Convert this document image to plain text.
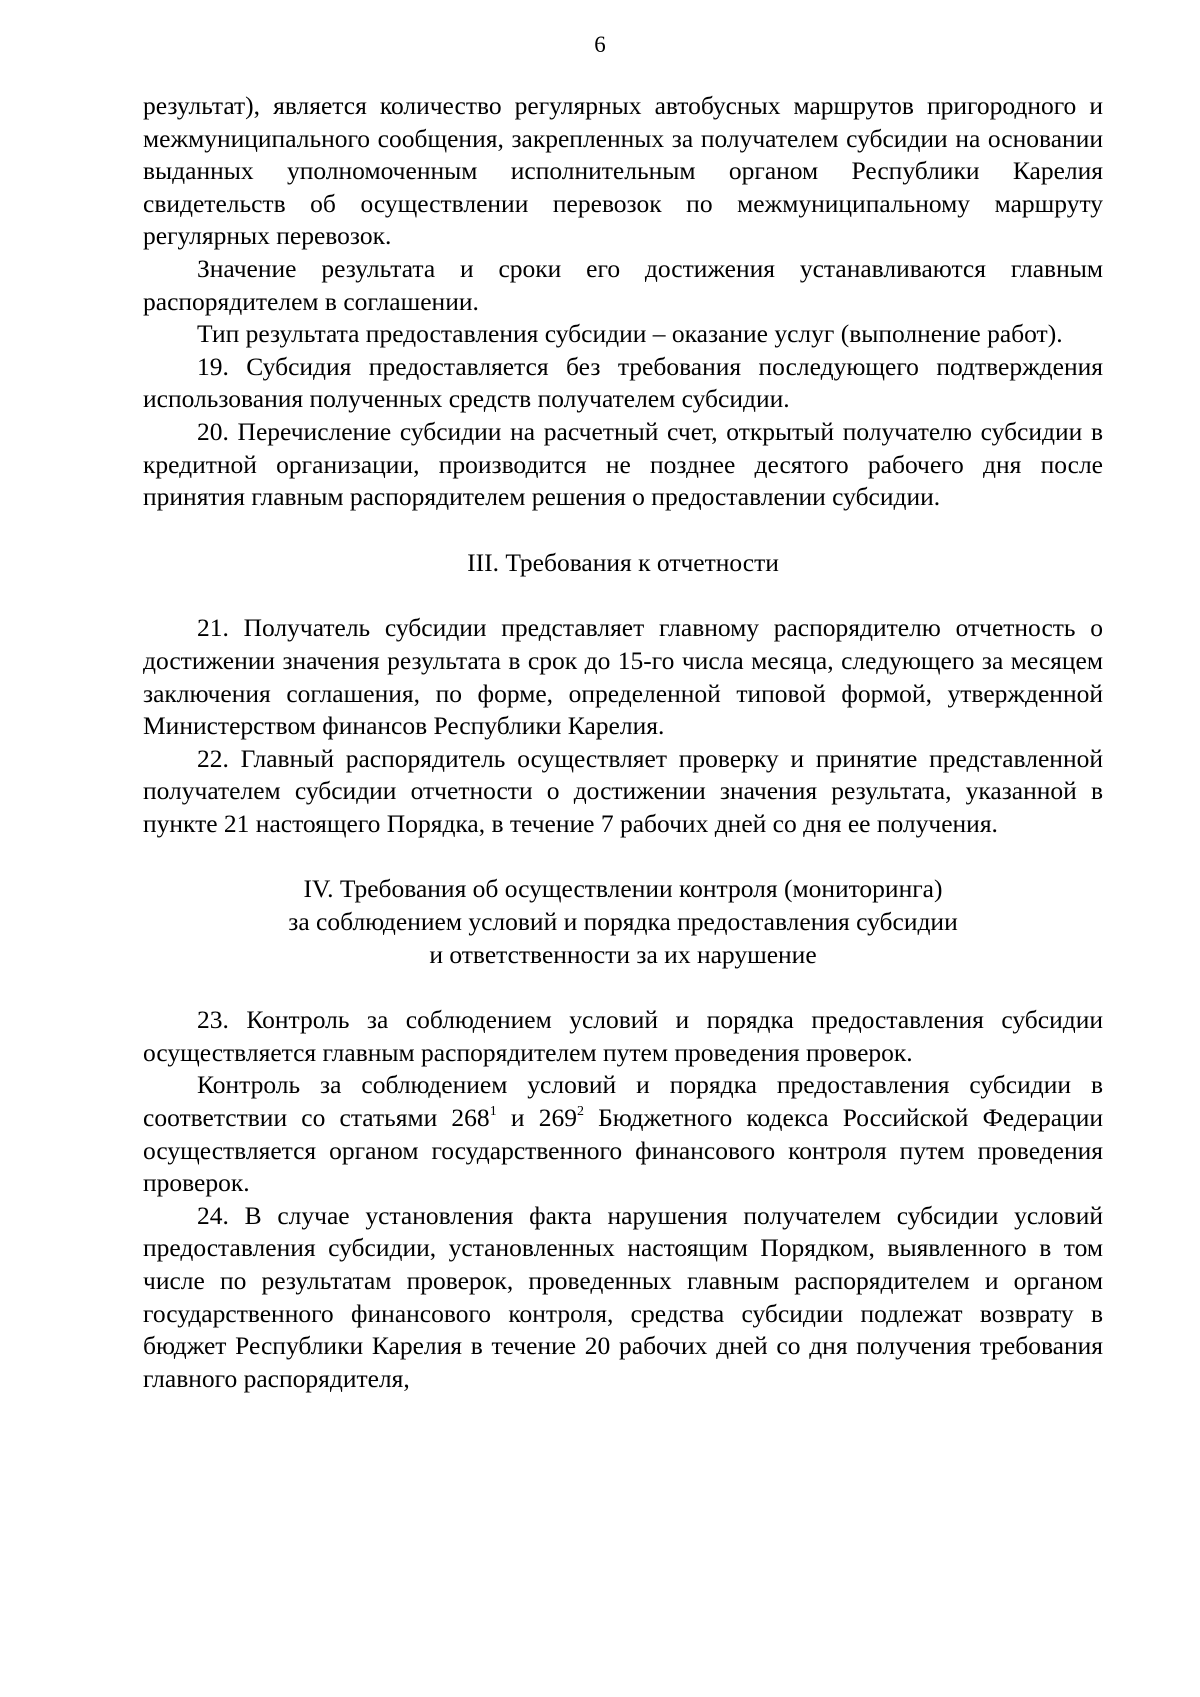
6

результат), является количество регулярных автобусных маршрутов пригородного и межмуниципального сообщения, закрепленных за получателем субсидии на основании выданных уполномоченным исполнительным органом Республики Карелия свидетельств об осуществлении перевозок по межмуниципальному маршруту регулярных перевозок.

Значение результата и сроки его достижения устанавливаются главным распорядителем в соглашении.

Тип результата предоставления субсидии – оказание услуг (выполнение работ).

19. Субсидия предоставляется без требования последующего подтверждения использования полученных средств получателем субсидии.

20. Перечисление субсидии на расчетный счет, открытый получателю субсидии в кредитной организации, производится не позднее десятого рабочего дня после принятия главным распорядителем решения о предоставлении субсидии.

III. Требования к отчетности

21. Получатель субсидии представляет главному распорядителю отчетность о достижении значения результата в срок до 15-го числа месяца, следующего за месяцем заключения соглашения, по форме, определенной типовой формой, утвержденной Министерством финансов Республики Карелия.

22. Главный распорядитель осуществляет проверку и принятие представленной получателем субсидии отчетности о достижении значения результата, указанной в пункте 21 настоящего Порядка, в течение 7 рабочих дней со дня ее получения.

IV. Требования об осуществлении контроля (мониторинга)

за соблюдением условий и порядка предоставления субсидии

и ответственности за их нарушение

23. Контроль за соблюдением условий и порядка предоставления субсидии осуществляется главным распорядителем путем проведения проверок.

Контроль за соблюдением условий и порядка предоставления субсидии в соответствии со статьями $268^1$ и $269^2$ Бюджетного кодекса Российской Федерации осуществляется органом государственного финансового контроля путем проведения проверок.

24. В случае установления факта нарушения получателем субсидии условий предоставления субсидии, установленных настоящим Порядком, выявленного в том числе по результатам проверок, проведенных главным распорядителем и органом государственного финансового контроля, средства субсидии подлежат возврату в бюджет Республики Карелия в течение 20 рабочих дней со дня получения требования главного распорядителя,
